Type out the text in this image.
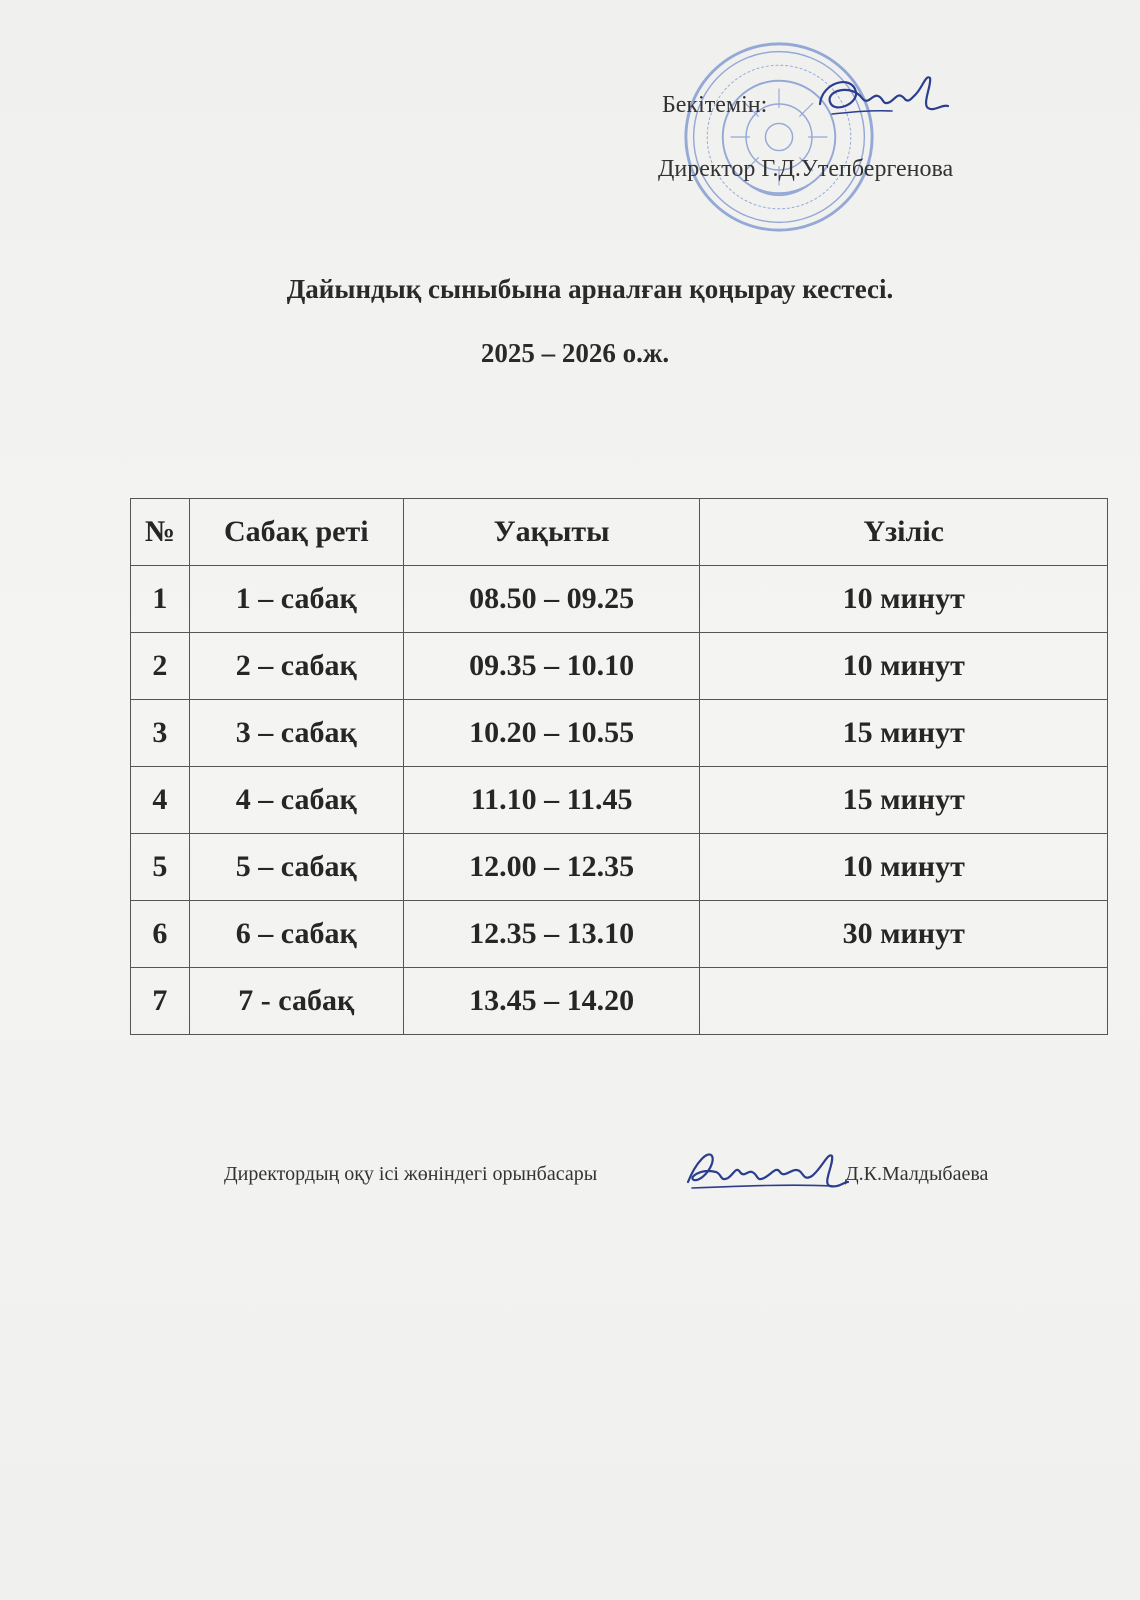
Бекітемін:
Директор Г.Д.Утепбергенова
Дайындық сыныбына арналған қоңырау кестесі.
2025 – 2026 о.ж.
№	Сабақ реті	Уақыты	Үзіліс
1	1 – сабақ	08.50 – 09.25	10 минут
2	2 – сабақ	09.35 – 10.10	10 минут
3	3 – сабақ	10.20 – 10.55	15 минут
4	4 – сабақ	11.10 – 11.45	15 минут
5	5 – сабақ	12.00 – 12.35	10 минут
6	6 – сабақ	12.35 – 13.10	30 минут
7	7 - сабақ	13.45 – 14.20	
Директордың оқу ісі жөніндегі орынбасары	Д.К.Малдыбаева
